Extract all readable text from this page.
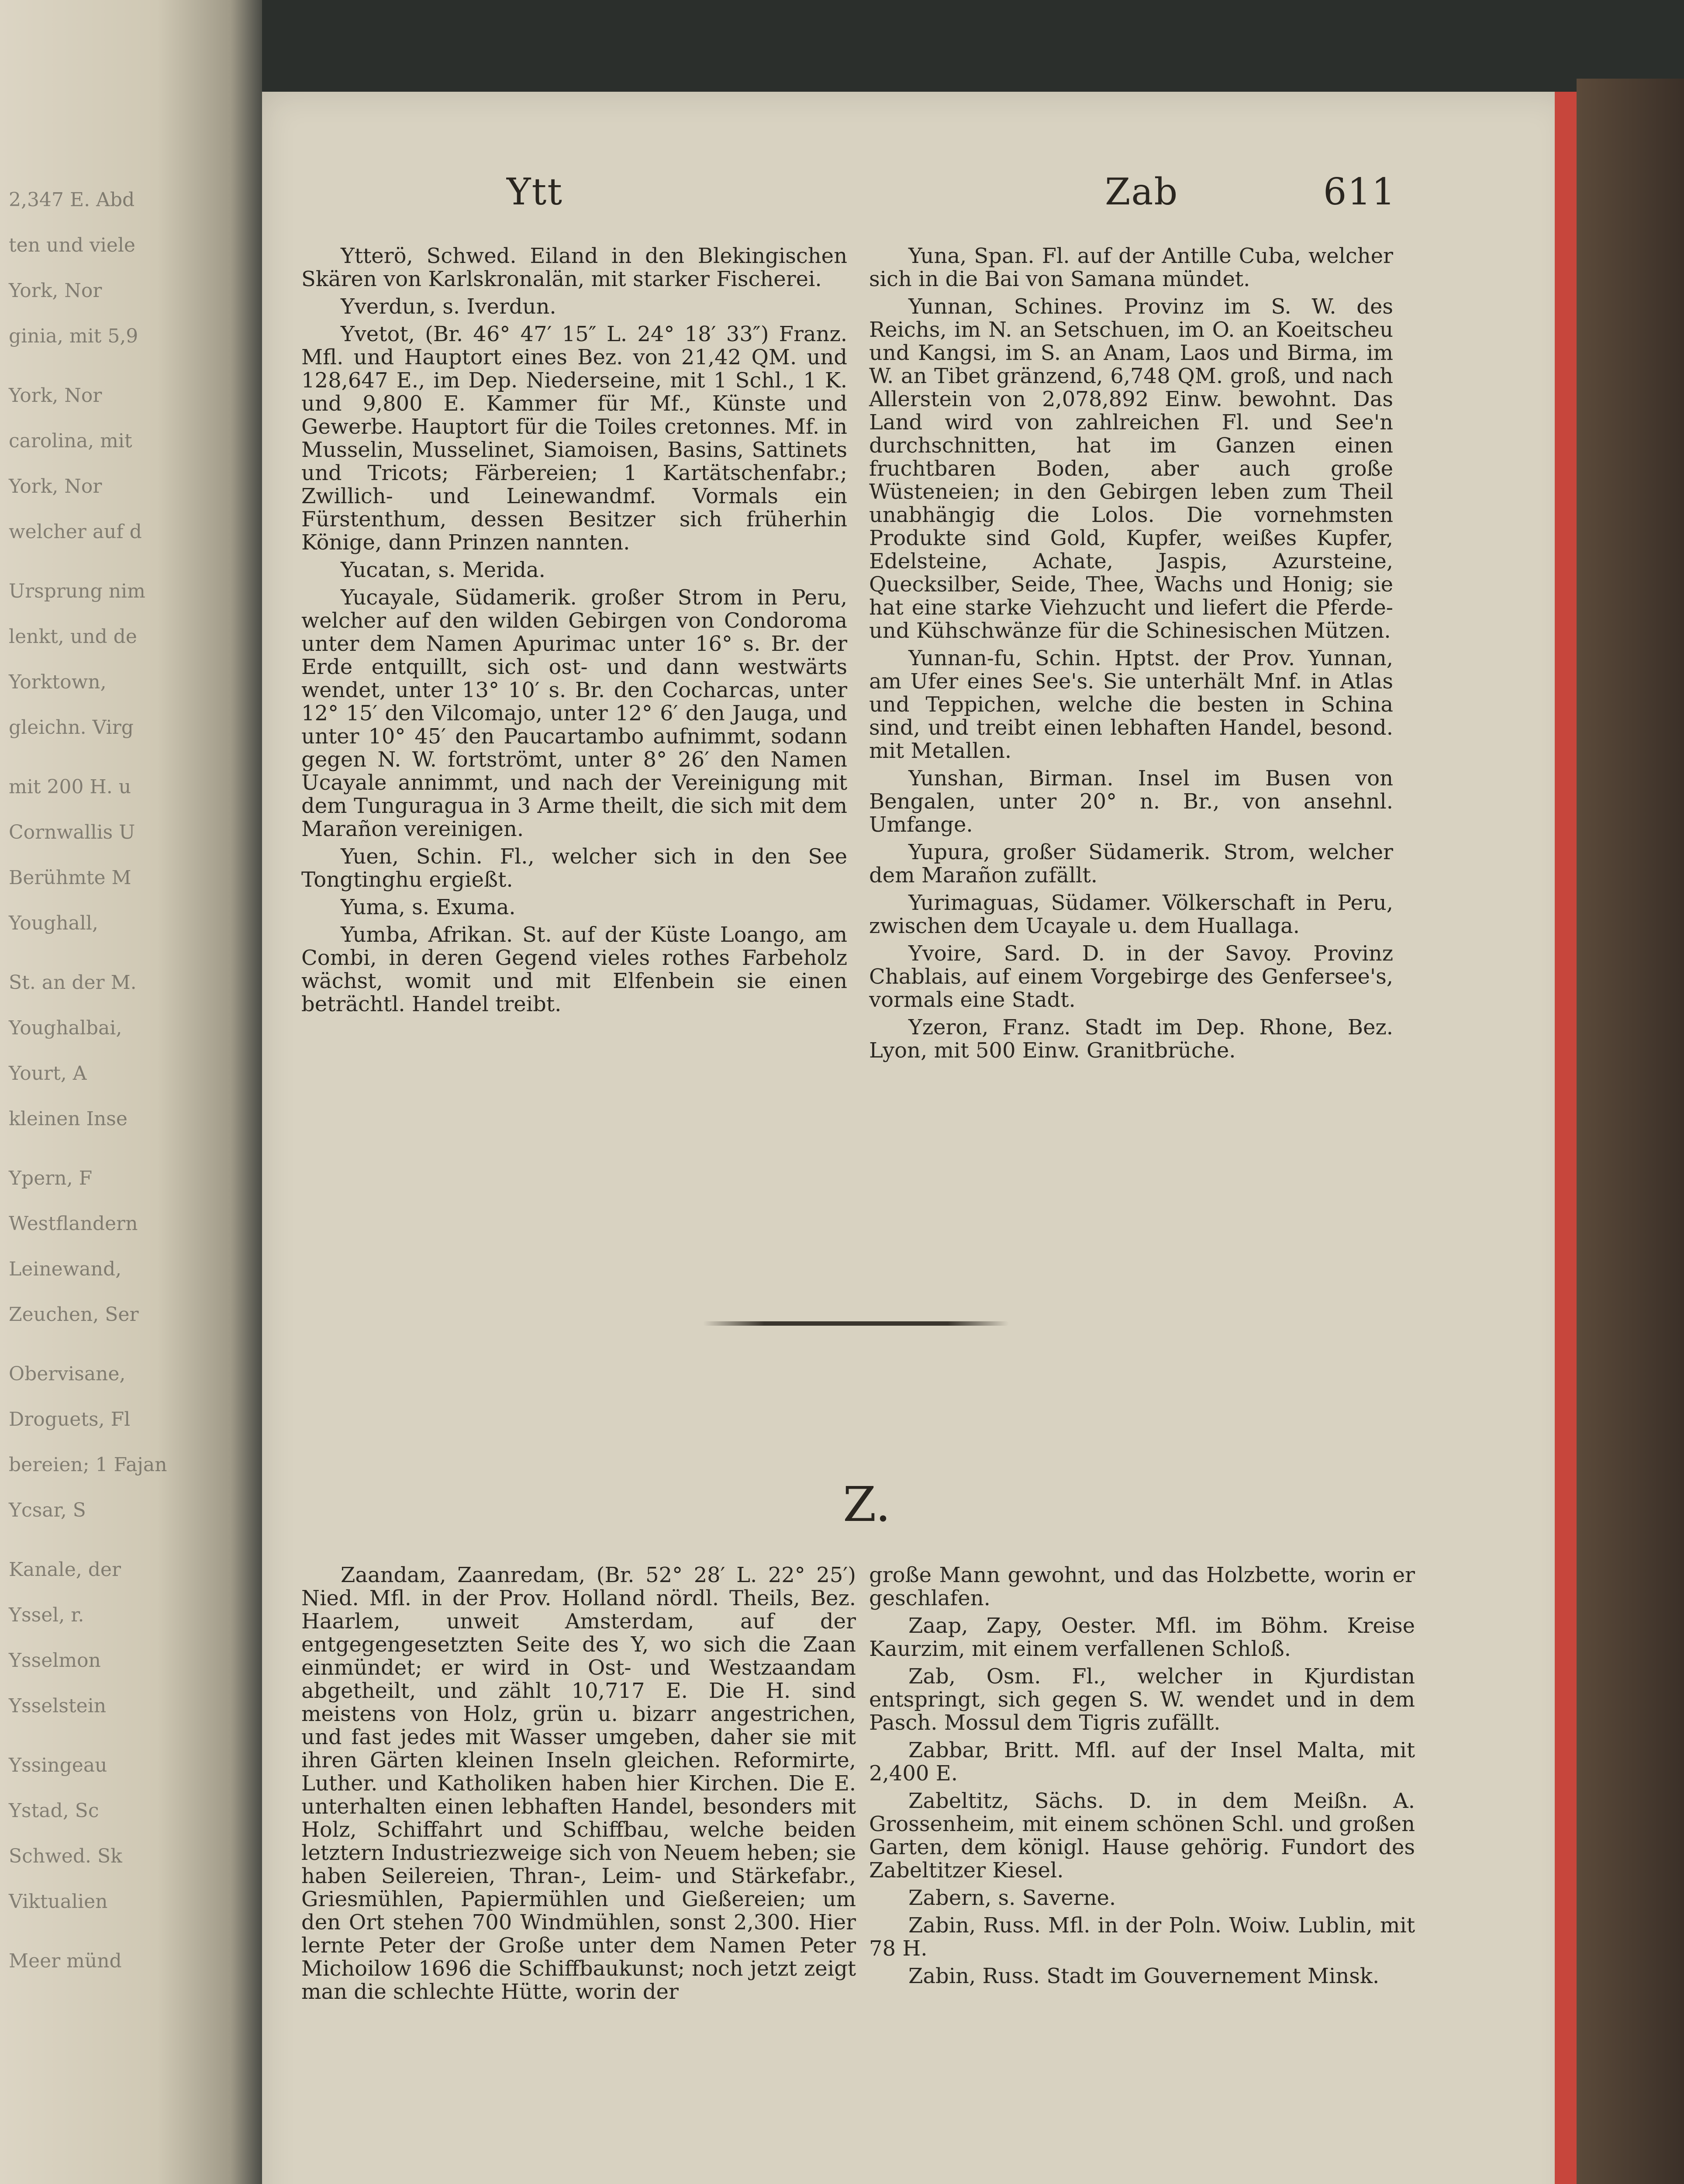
2,347 E. Abd
ten und viele
York, Nor
ginia, mit 5,9
York, Nor
carolina, mit
York, Nor
welcher auf d
Ursprung nim
lenkt, und de
Yorktown,
gleichn. Virg
mit 200 H. u
Cornwallis U
Berühmte M
Youghall,
St. an der M.
Youghalbai,
Yourt, A
kleinen Inse
Ypern, F
Westflandern
Leinewand,
Zeuchen, Ser
Obervisane,
Droguets, Fl
bereien; 1 Fajan
Ycsar, S
Kanale, der
Yssel, r.
Ysselmon
Ysselstein
Yssingeau
Ystad, Sc
Schwed. Sk
Viktualien
Meer münd
Ytt	Zab	611

Ytterö, Schwed. Eiland in den Blekingischen Skären von Karlskronalän, mit starker Fischerei.

Yverdun, s. Iverdun.

Yvetot, (Br. 46° 47′ 15″ L. 24° 18′ 33″) Franz. Mfl. und Hauptort eines Bez. von 21,42 QM. und 128,647 E., im Dep. Niederseine, mit 1 Schl., 1 K. und 9,800 E. Kammer für Mf., Künste und Gewerbe. Hauptort für die Toiles cretonnes. Mf. in Musselin, Musselinet, Siamoisen, Basins, Sattinets und Tricots; Färbereien; 1 Kartätschenfabr.; Zwillich- und Leinewandmf. Vormals ein Fürstenthum, dessen Besitzer sich früherhin Könige, dann Prinzen nannten.

Yucatan, s. Merida.

Yucayale, Südamerik. großer Strom in Peru, welcher auf den wilden Gebirgen von Condoroma unter dem Namen Apurimac unter 16° s. Br. der Erde entquillt, sich ost- und dann westwärts wendet, unter 13° 10′ s. Br. den Cocharcas, unter 12° 15′ den Vilcomajo, unter 12° 6′ den Jauga, und unter 10° 45′ den Paucartambo aufnimmt, sodann gegen N. W. fortströmt, unter 8° 26′ den Namen Ucayale annimmt, und nach der Vereinigung mit dem Tunguragua in 3 Arme theilt, die sich mit dem Marañon vereinigen.

Yuen, Schin. Fl., welcher sich in den See Tongtinghu ergießt.

Yuma, s. Exuma.

Yumba, Afrikan. St. auf der Küste Loango, am Combi, in deren Gegend vieles rothes Farbeholz wächst, womit und mit Elfenbein sie einen beträchtl. Handel treibt.

Yuna, Span. Fl. auf der Antille Cuba, welcher sich in die Bai von Samana mündet.

Yunnan, Schines. Provinz im S. W. des Reichs, im N. an Setschuen, im O. an Koeitscheu und Kangsi, im S. an Anam, Laos und Birma, im W. an Tibet gränzend, 6,748 QM. groß, und nach Allerstein von 2,078,892 Einw. bewohnt. Das Land wird von zahlreichen Fl. und See'n durchschnitten, hat im Ganzen einen fruchtbaren Boden, aber auch große Wüsteneien; in den Gebirgen leben zum Theil unabhängig die Lolos. Die vornehmsten Produkte sind Gold, Kupfer, weißes Kupfer, Edelsteine, Achate, Jaspis, Azursteine, Quecksilber, Seide, Thee, Wachs und Honig; sie hat eine starke Viehzucht und liefert die Pferde- und Kühschwänze für die Schinesischen Mützen.

Yunnan-fu, Schin. Hptst. der Prov. Yunnan, am Ufer eines See's. Sie unterhält Mnf. in Atlas und Teppichen, welche die besten in Schina sind, und treibt einen lebhaften Handel, besond. mit Metallen.

Yunshan, Birman. Insel im Busen von Bengalen, unter 20° n. Br., von ansehnl. Umfange.

Yupura, großer Südamerik. Strom, welcher dem Marañon zufällt.

Yurimaguas, Südamer. Völkerschaft in Peru, zwischen dem Ucayale u. dem Huallaga.

Yvoire, Sard. D. in der Savoy. Provinz Chablais, auf einem Vorgebirge des Genfersee's, vormals eine Stadt.

Yzeron, Franz. Stadt im Dep. Rhone, Bez. Lyon, mit 500 Einw. Granitbrüche.

Z.

Zaandam, Zaanredam, (Br. 52° 28′ L. 22° 25′) Nied. Mfl. in der Prov. Holland nördl. Theils, Bez. Haarlem, unweit Amsterdam, auf der entgegengesetzten Seite des Y, wo sich die Zaan einmündet; er wird in Ost- und Westzaandam abgetheilt, und zählt 10,717 E. Die H. sind meistens von Holz, grün u. bizarr angestrichen, und fast jedes mit Wasser umgeben, daher sie mit ihren Gärten kleinen Inseln gleichen. Reformirte, Luther. und Katholiken haben hier Kirchen. Die E. unterhalten einen lebhaften Handel, besonders mit Holz, Schiffahrt und Schiffbau, welche beiden letztern Industriezweige sich von Neuem heben; sie haben Seilereien, Thran-, Leim- und Stärkefabr., Griesmühlen, Papiermühlen und Gießereien; um den Ort stehen 700 Windmühlen, sonst 2,300. Hier lernte Peter der Große unter dem Namen Peter Michoilow 1696 die Schiffbaukunst; noch jetzt zeigt man die schlechte Hütte, worin der

große Mann gewohnt, und das Holzbette, worin er geschlafen.

Zaap, Zapy, Oester. Mfl. im Böhm. Kreise Kaurzim, mit einem verfallenen Schloß.

Zab, Osm. Fl., welcher in Kjurdistan entspringt, sich gegen S. W. wendet und in dem Pasch. Mossul dem Tigris zufällt.

Zabbar, Britt. Mfl. auf der Insel Malta, mit 2,400 E.

Zabeltitz, Sächs. D. in dem Meißn. A. Grossenheim, mit einem schönen Schl. und großen Garten, dem königl. Hause gehörig. Fundort des Zabeltitzer Kiesel.

Zabern, s. Saverne.

Zabin, Russ. Mfl. in der Poln. Woiw. Lublin, mit 78 H.

Zabin, Russ. Stadt im Gouvernement Minsk.
